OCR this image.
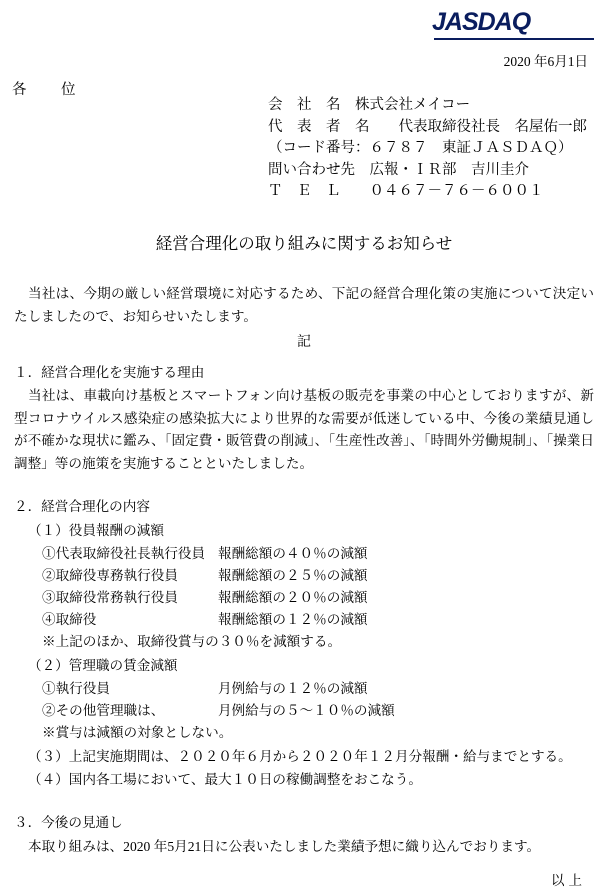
JASDAQ
2020 年6月1日
各　位
会　社　名　株式会社メイコー
代　表　者　名　　代表取締役社長　名屋佑一郎
（コード番号：６７８７　東証ＪＡＳＤＡＱ）
問い合わせ先　広報・ＩＲ部　吉川圭介
Ｔ　Ｅ　Ｌ　　０４６７－７６－６００１
経営合理化の取り組みに関するお知らせ

当社は、今期の厳しい経営環境に対応するため、下記の経営合理化策の実施について決定いたしましたので、お知らせいたします。

記

１．経営合理化を実施する理由

当社は、車載向け基板とスマートフォン向け基板の販売を事業の中心としておりますが、新型コロナウイルス感染症の感染拡大により世界的な需要が低迷している中、今後の業績見通しが不確かな現状に鑑み、「固定費・販管費の削減」、「生産性改善」、「時間外労働規制」、「操業日調整」等の施策を実施することといたしました。

２．経営合理化の内容

（１）役員報酬の減額

①代表取締役社長執行役員 報酬総額の４０％の減額

②取締役専務執行役員	報酬総額の２５％の減額

③取締役常務執行役員	報酬総額の２０％の減額

④取締役	報酬総額の１２％の減額

※上記のほか、取締役賞与の３０％を減額する。

（２）管理職の賃金減額

①執行役員	月例給与の１２％の減額

②その他管理職は、	月例給与の５～１０％の減額

※賞与は減額の対象としない。

（３）上記実施期間は、２０２０年６月から２０２０年１２月分報酬・給与までとする。

（４）国内各工場において、最大１０日の稼働調整をおこなう。

３．今後の見通し

本取り組みは、2020 年5月21日に公表いたしました業績予想に織り込んでおります。

以上
